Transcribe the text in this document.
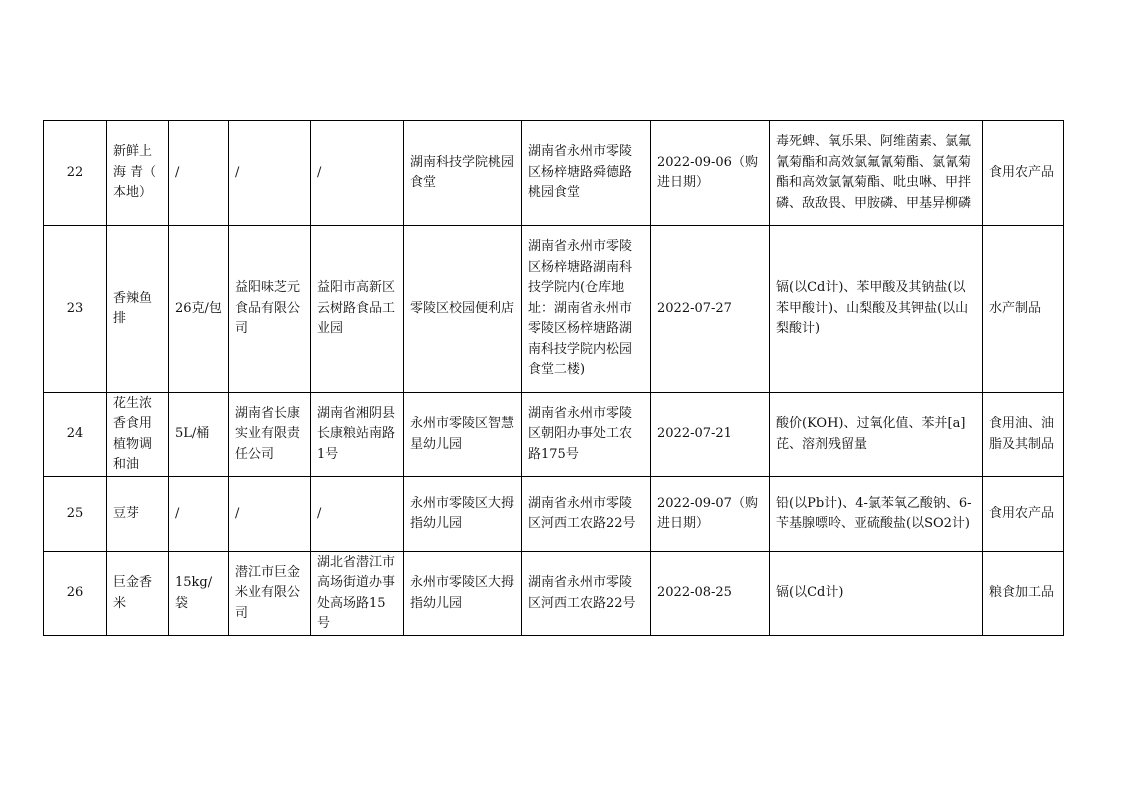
22	新鲜上海 青（ 本地）	/	/	/	湖南科技学院桃园食堂	湖南省永州市零陵区杨梓塘路舜德路桃园食堂	2022-09-06（购进日期）	毒死蜱、氧乐果、阿维菌素、氯氟氰菊酯和高效氯氟氰菊酯、氯氰菊酯和高效氯氰菊酯、吡虫啉、甲拌磷、敌敌畏、甲胺磷、甲基异柳磷	食用农产品
23	香辣鱼排	26克/包	益阳味芝元食品有限公司	益阳市高新区云树路食品工业园	零陵区校园便利店	湖南省永州市零陵区杨梓塘路湖南科技学院内(仓库地址：湖南省永州市零陵区杨梓塘路湖南科技学院内松园食堂二楼)	2022-07-27	镉(以Cd计)、苯甲酸及其钠盐(以苯甲酸计)、山梨酸及其钾盐(以山梨酸计)	水产制品
24	花生浓香食用植物调和油	5L/桶	湖南省长康实业有限责任公司	湖南省湘阴县长康粮站南路1号	永州市零陵区智慧星幼儿园	湖南省永州市零陵区朝阳办事处工农路175号	2022-07-21	酸价(KOH)、过氧化值、苯并[a]芘、溶剂残留量	食用油、油脂及其制品
25	豆芽	/	/	/	永州市零陵区大拇指幼儿园	湖南省永州市零陵区河西工农路22号	2022-09-07（购进日期）	铅(以Pb计)、4-氯苯氧乙酸钠、6-苄基腺嘌呤、亚硫酸盐(以SO2计)	食用农产品
26	巨金香米	15kg/袋	潜江市巨金米业有限公司	湖北省潜江市高场街道办事处高场路15号	永州市零陵区大拇指幼儿园	湖南省永州市零陵区河西工农路22号	2022-08-25	镉(以Cd计)	粮食加工品
